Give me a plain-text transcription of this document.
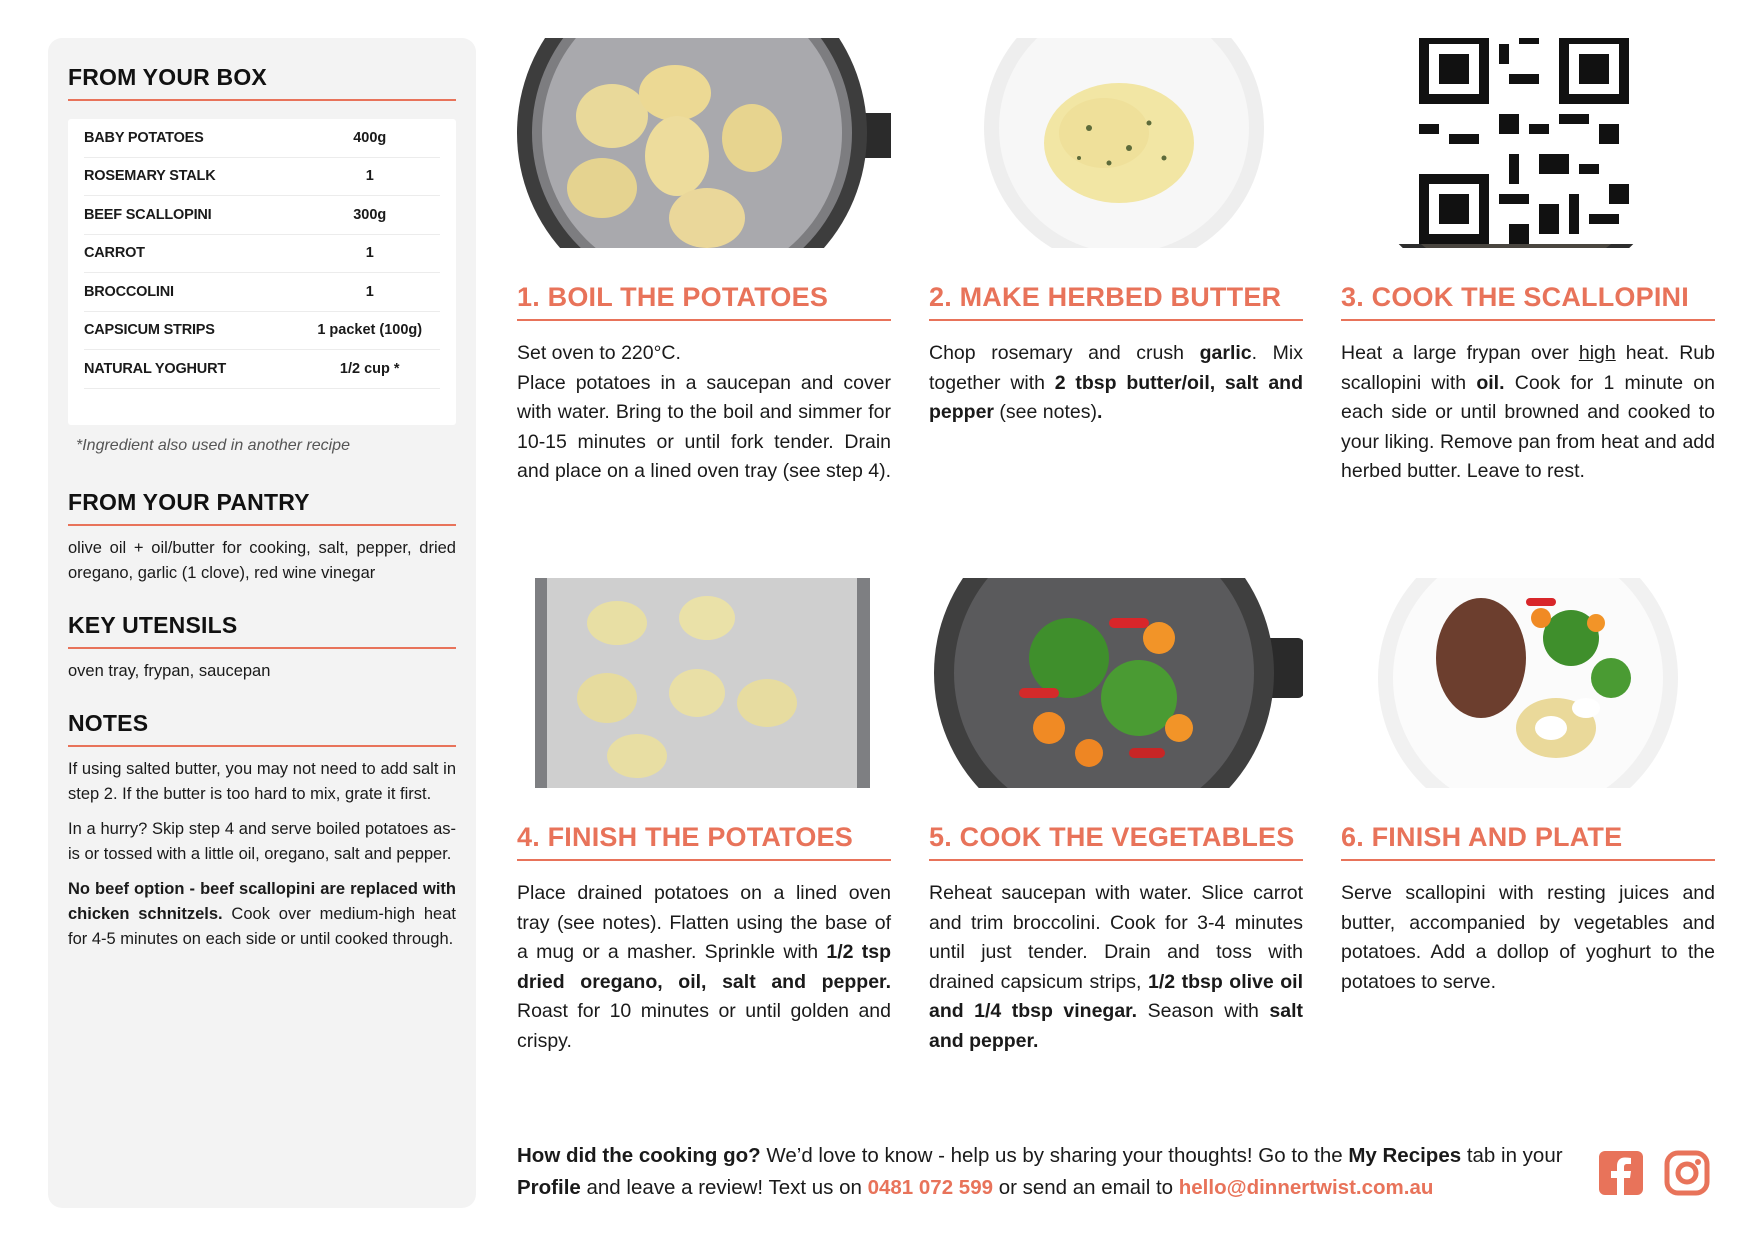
FROM YOUR BOX
BABY POTATOES	400g
ROSEMARY STALK	1
BEEF SCALLOPINI	300g
CARROT	1
BROCCOLINI	1
CAPSICUM STRIPS	1 packet (100g)
NATURAL YOGHURT	1/2 cup *
*Ingredient also used in another recipe
FROM YOUR PANTRY
olive oil + oil/butter for cooking, salt, pepper, dried oregano, garlic (1 clove), red wine vinegar
KEY UTENSILS
oven tray, frypan, saucepan
NOTES

If using salted butter, you may not need to add salt in step 2. If the butter is too hard to mix, grate it first.

In a hurry? Skip step 4 and serve boiled potatoes as-is or tossed with a little oil, oregano, salt and pepper.

No beef option - beef scallopini are replaced with chicken schnitzels. Cook over medium-high heat for 4-5 minutes on each side or until cooked through.

1. BOIL THE POTATOES
Set oven to 220°C.
Place potatoes in a saucepan and cover with water. Bring to the boil and simmer for 10-15 minutes or until fork tender. Drain and place on a lined oven tray (see step 4).
2. MAKE HERBED BUTTER
Chop rosemary and crush garlic. Mix together with 2 tbsp butter/oil, salt and pepper (see notes).
3. COOK THE SCALLOPINI
Heat a large frypan over high heat. Rub scallopini with oil. Cook for 1 minute on each side or until browned and cooked to your liking. Remove pan from heat and add herbed butter. Leave to rest.
4. FINISH THE POTATOES
Place drained potatoes on a lined oven tray (see notes). Flatten using the base of a mug or a masher. Sprinkle with 1/2 tsp dried oregano, oil, salt and pepper. Roast for 10 minutes or until golden and crispy.
5. COOK THE VEGETABLES
Reheat saucepan with water. Slice carrot and trim broccolini. Cook for 3-4 minutes until just tender. Drain and toss with drained capsicum strips, 1/2 tbsp olive oil and 1/4 tbsp vinegar. Season with salt and pepper.
6. FINISH AND PLATE
Serve scallopini with resting juices and butter, accompanied by vegetables and potatoes. Add a dollop of yoghurt to the potatoes to serve.
How did the cooking go? We’d love to know - help us by sharing your thoughts! Go to the My Recipes tab in your Profile and leave a review! Text us on 0481 072 599 or send an email to hello@dinnertwist.com.au
